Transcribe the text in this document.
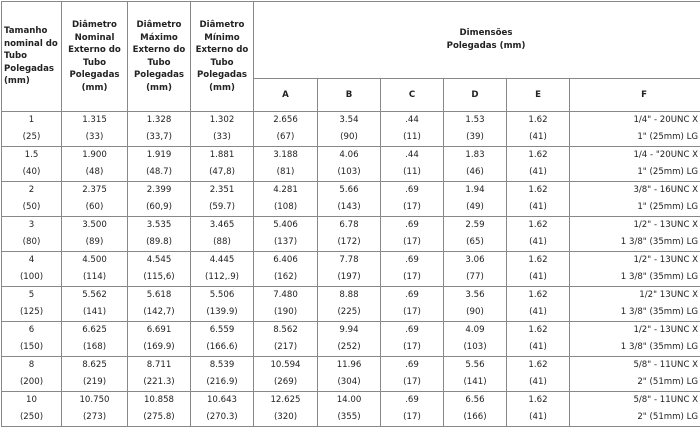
Tamanho nominal do Tubo Polegadas (mm)	Diâmetro Nominal Externo do Tubo Polegadas (mm)	Diâmetro Máximo Externo do Tubo Polegadas (mm)	Diâmetro Mínimo Externo do Tubo Polegadas (mm)	Dimensões Polegadas (mm)					

				A	B	C	D	E	F
1	1.315	1.328	1.302	2.656	3.54	.44	1.53	1.62	1/4" - 20UNC X
(25)	(33)	(33,7)	(33)	(67)	(90)	(11)	(39)	(41)	1" (25mm) LG
1.5	1.900	1.919	1.881	3.188	4.06	.44	1.83	1.62	1/4 - "20UNC X
(40)	(48)	(48.7)	(47,8)	(81)	(103)	(11)	(46)	(41)	1" (25mm) LG
2	2.375	2.399	2.351	4.281	5.66	.69	1.94	1.62	3/8" - 16UNC X
(50)	(60)	(60,9)	(59.7)	(108)	(143)	(17)	(49)	(41)	1" (25mm) LG
3	3.500	3.535	3.465	5.406	6.78	.69	2.59	1.62	1/2" - 13UNC X
(80)	(89)	(89.8)	(88)	(137)	(172)	(17)	(65)	(41)	1 3/8" (35mm) LG
4	4.500	4.545	4.445	6.406	7.78	.69	3.06	1.62	1/2" - 13UNC X
(100)	(114)	(115,6)	(112,.9)	(162)	(197)	(17)	(77)	(41)	1 3/8" (35mm) LG
5	5.562	5.618	5.506	7.480	8.88	.69	3.56	1.62	1/2" 13UNC X
(125)	(141)	(142,7)	(139.9)	(190)	(225)	(17)	(90)	(41)	1 3/8" (35mm) LG
6	6.625	6.691	6.559	8.562	9.94	.69	4.09	1.62	1/2" - 13UNC X
(150)	(168)	(169.9)	(166.6)	(217)	(252)	(17)	(103)	(41)	1 3/8" (35mm) LG
8	8.625	8.711	8.539	10.594	11.96	.69	5.56	1.62	5/8" - 11UNC X
(200)	(219)	(221.3)	(216.9)	(269)	(304)	(17)	(141)	(41)	2" (51mm) LG
10	10.750	10.858	10.643	12.625	14.00	.69	6.56	1.62	5/8" - 11UNC X
(250)	(273)	(275.8)	(270.3)	(320)	(355)	(17)	(166)	(41)	2" (51mm) LG
